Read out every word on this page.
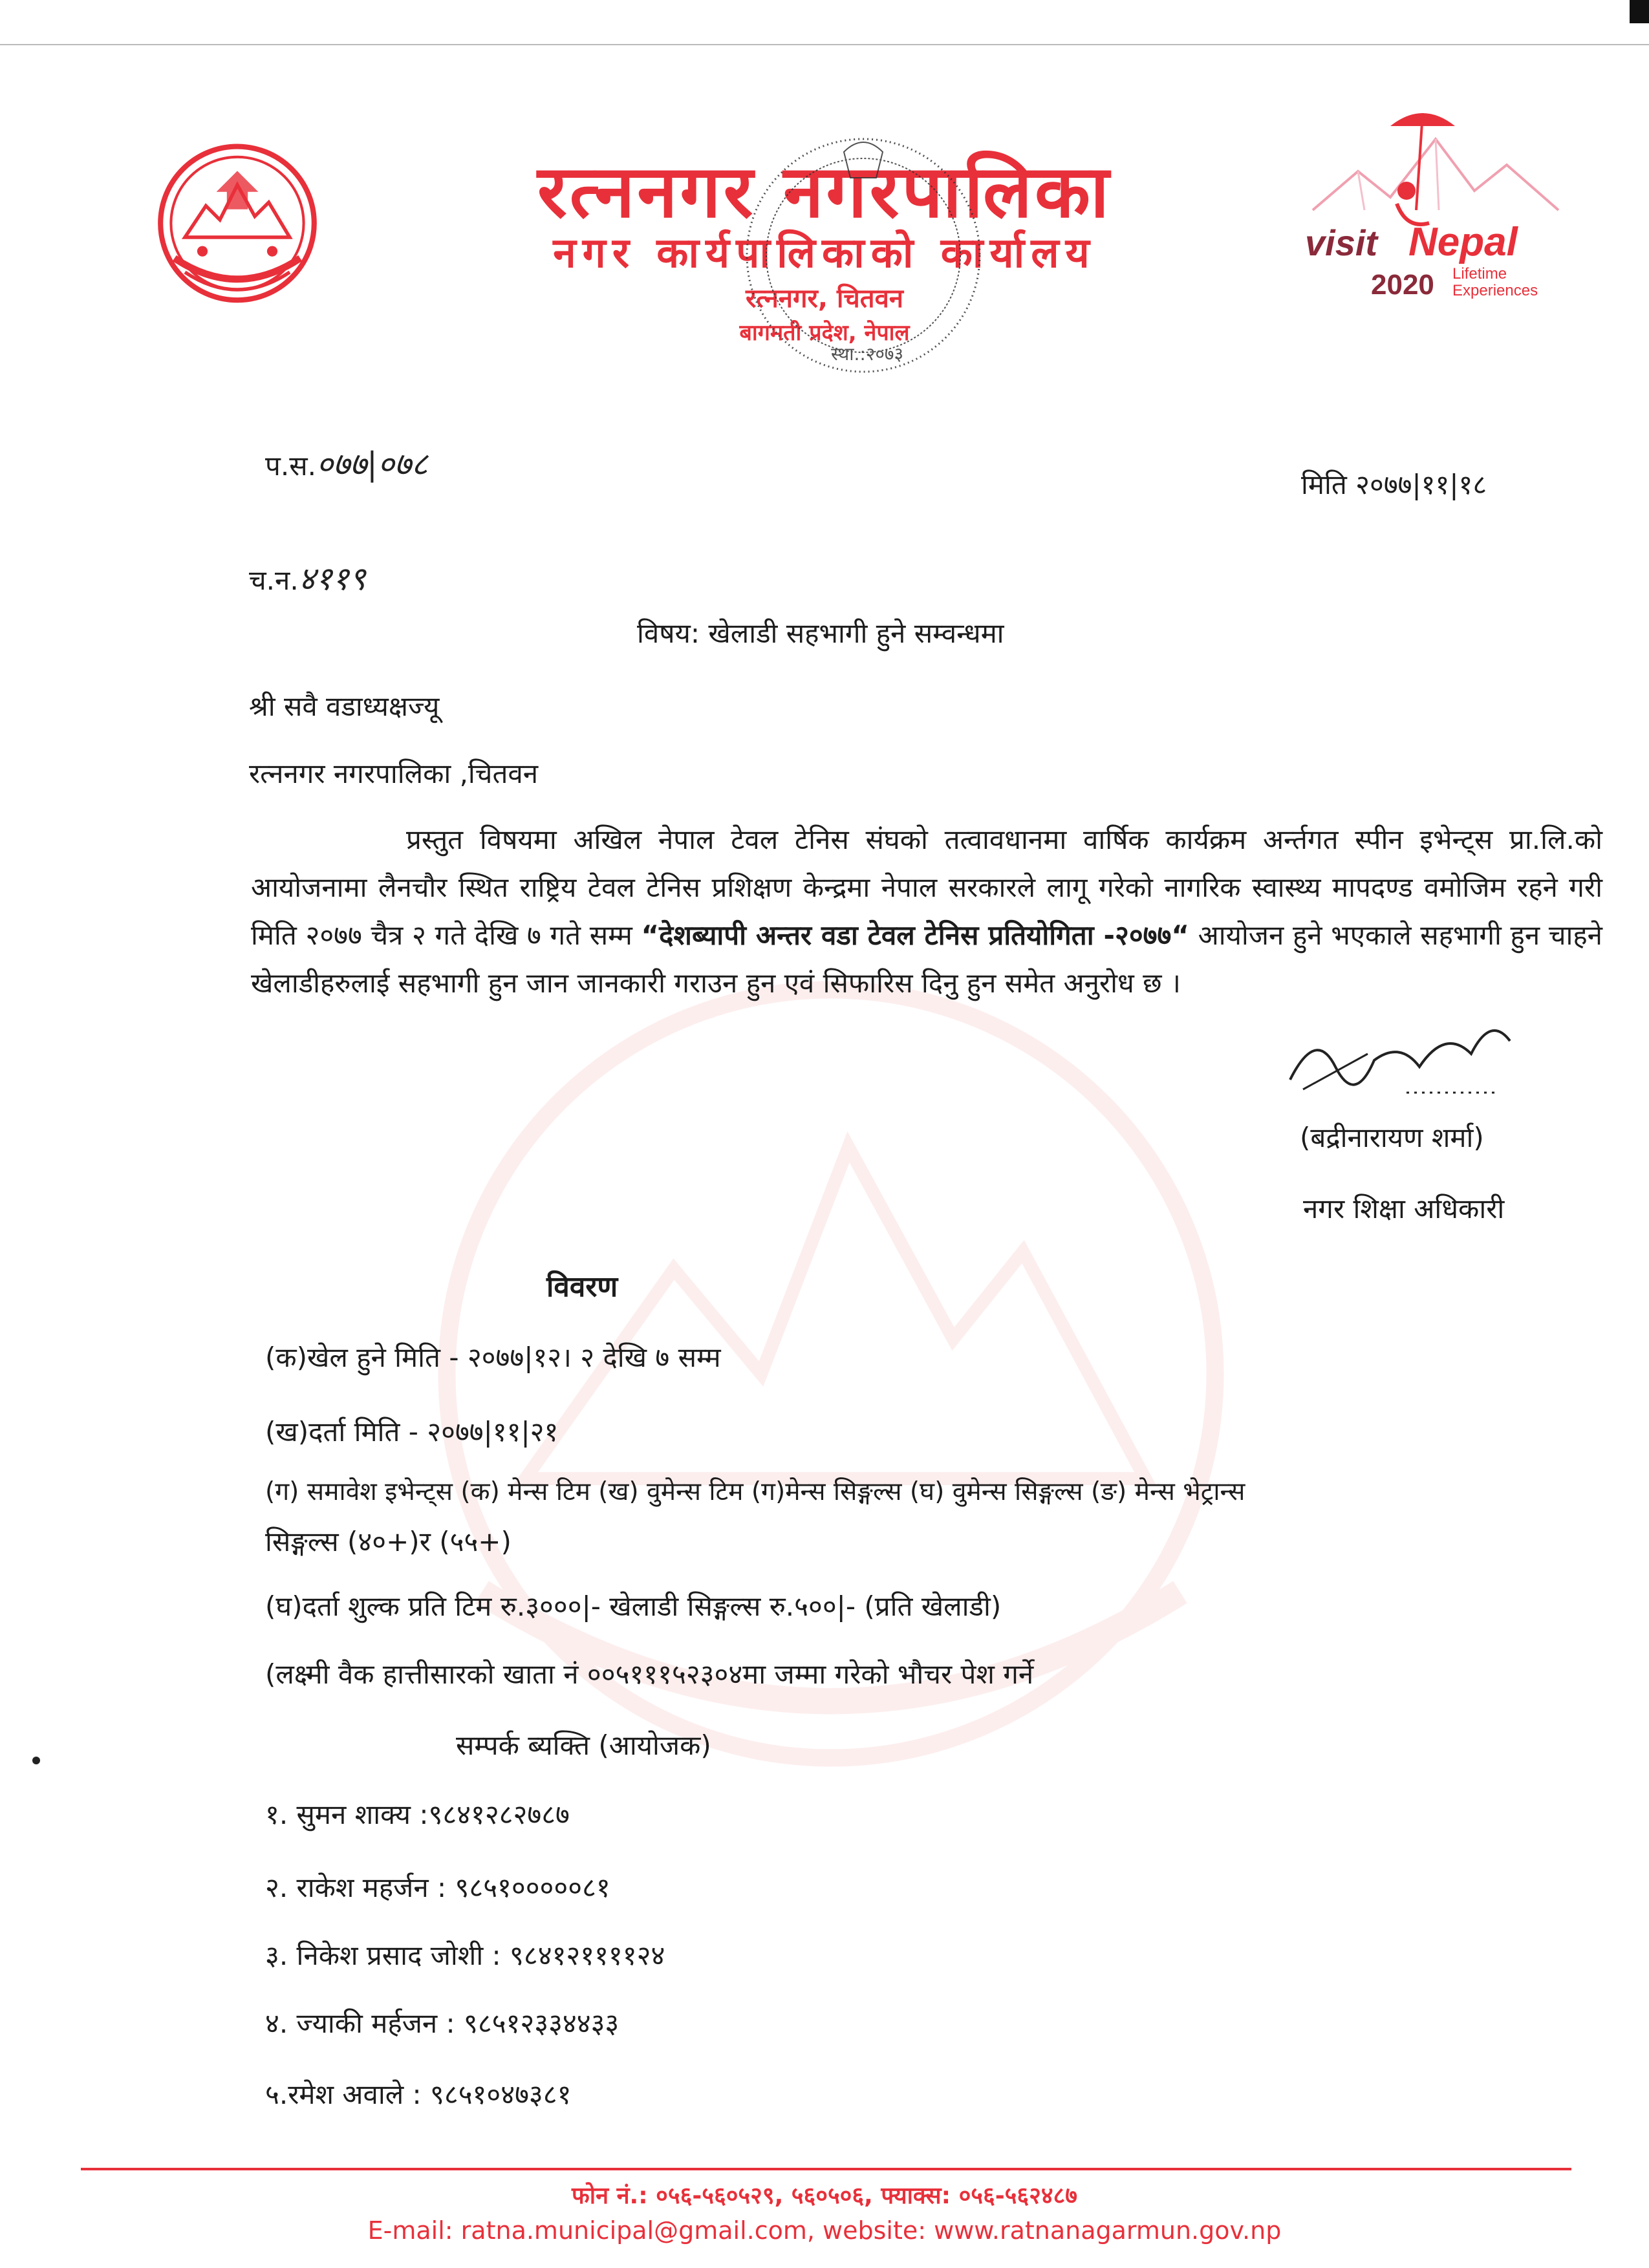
visit Nepal
2020 Lifetime
Experiences
रत्ननगर नगरपालिका
नगर कार्यपालिकाको कार्यालय
रत्ननगर, चितवन
बागमती प्रदेश, नेपाल
स्था.:२०७३
प.स.०७७|०७८
मिति २०७७|११|१८
च.न.४११९
विषय: खेलाडी सहभागी हुने सम्वन्धमा
श्री सवै वडाध्यक्षज्यू
रत्ननगर नगरपालिका ,चितवन
प्रस्तुत विषयमा अखिल नेपाल टेवल टेनिस संघको तत्वावधानमा वार्षिक कार्यक्रम अर्न्तगत स्पीन इभेन्ट्स प्रा.लि.को आयोजनामा लैनचौर स्थित राष्ट्रिय टेवल टेनिस प्रशिक्षण केन्द्रमा नेपाल सरकारले लागू गरेको नागरिक स्वास्थ्य मापदण्ड वमोजिम रहने गरी मिति २०७७ चैत्र २ गते देखि ७ गते सम्म “देशब्यापी अन्तर वडा टेवल टेनिस प्रतियोगिता -२०७७“ आयोजन हुने भएकाले सहभागी हुन चाहने खेलाडीहरुलाई सहभागी हुन जान जानकारी गराउन हुन एवं सिफारिस दिनु हुन समेत अनुरोध छ ।
(बद्रीनारायण शर्मा)
नगर शिक्षा अधिकारी
विवरण
(क)खेल हुने मिति - २०७७|१२। २ देखि ७ सम्म
(ख)दर्ता मिति - २०७७|११|२१
(ग) समावेश इभेन्ट्स (क) मेन्स टिम (ख) वुमेन्स टिम (ग)मेन्स सिङ्गल्स (घ) वुमेन्स सिङ्गल्स (ङ) मेन्स भेट्रान्स
सिङ्गल्स (४०+)र (५५+)
(घ)दर्ता शुल्क प्रति टिम रु.३०००|- खेलाडी सिङ्गल्स रु.५००|- (प्रति खेलाडी)
(लक्ष्मी वैक हात्तीसारको खाता नं ००५१११५२३०४मा जम्मा गरेको भौचर पेश गर्ने
सम्पर्क ब्यक्ति (आयोजक)
१. सुमन शाक्य :९८४१२८२७८७
२. राकेश महर्जन : ९८५१०००००८१
३. निकेश प्रसाद जोशी : ९८४१२११११२४
४. ज्याकी मर्हजन : ९८५१२३३४४३३
५.रमेश अवाले : ९८५१०४७३८१
फोन नं.: ०५६-५६०५२९, ५६०५०६, फ्याक्स: ०५६-५६२४८७
E-mail: ratna.municipal@gmail.com, website: www.ratnanagarmun.gov.np
